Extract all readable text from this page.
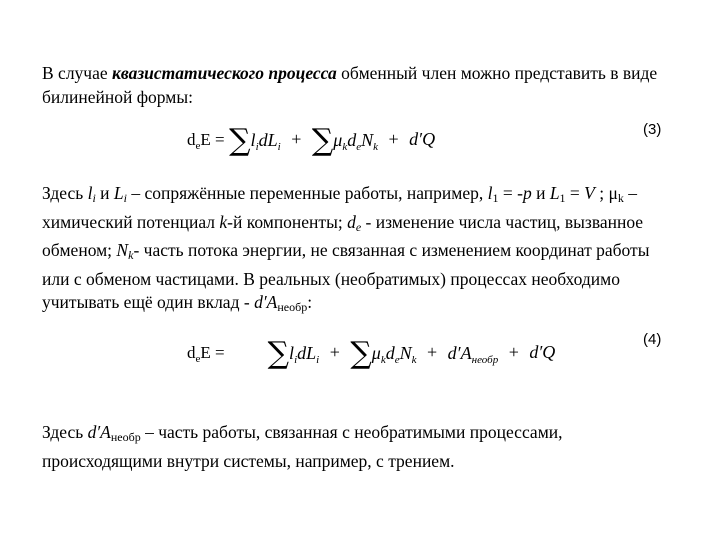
В случае квазистатического процесса обменный член можно представить в виде билинейной формы:
$d_eE = \sum l_idL_i + \sum\mu_kd_eN_k + d'Q$	(3)
Здесь li и Li – сопряжённые переменные работы, например, l1 = -p и L1 = V ; μk – химический потенциал k-й компоненты; de - изменение числа частиц, вызванное обменом; Nk- часть потока энергии, не связанная с изменением координат работы или с обменом частицами. В реальных (необратимых) процессах необходимо учитывать ещё один вклад - d′Aнеобр:
$d_eE = \sum l_idL_i + \sum\mu_kd_eN_k + d'A_{необр} + d'Q$
(4)
Здесь d′Aнеобр – часть работы, связанная с необратимыми процессами, происходящими внутри системы, например, с трением.
